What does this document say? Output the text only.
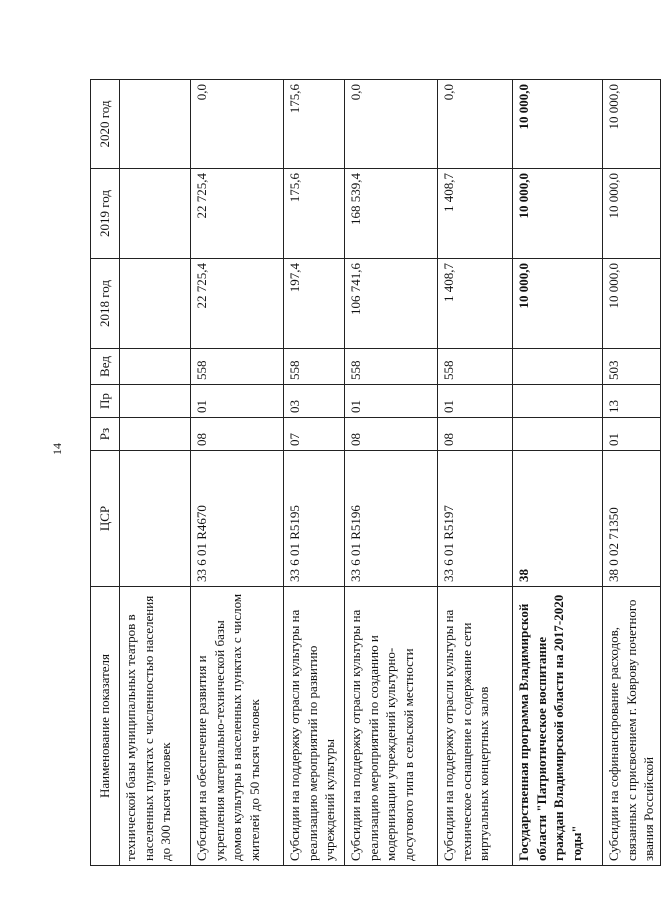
14
Наименование показателя	ЦСР	Рз	Пр	Вед	2018 год	2019 год	2020 год
технической базы муниципальных театров в населенных пунктах с численностью населения до 300 тысяч человек							
Субсидии на обеспечение развития и укрепления материально-технической базы домов культуры в населенных пунктах с числом жителей до 50 тысяч человек	33 6 01 R4670	08	01	558	22 725,4	22 725,4	0,0
Субсидии на поддержку отрасли культуры на реализацию мероприятий по развитию учреждений культуры	33 6 01 R5195	07	03	558	197,4	175,6	175,6
Субсидии на поддержку отрасли культуры на реализацию мероприятий по созданию и модернизации учреждений культурно-досугового типа в сельской местности	33 6 01 R5196	08	01	558	106 741,6	168 539,4	0,0
Субсидии на поддержку отрасли культуры на техническое оснащение и содержание сети виртуальных концертных залов	33 6 01 R5197	08	01	558	1 408,7	1 408,7	0,0
Государственная программа Владимирской области "Патриотическое воспитание граждан Владимирской области на 2017-2020 годы"	38				10 000,0	10 000,0	10 000,0
Субсидии на софинансирование расходов, связанных с присвоением г. Коврову почетного звания Российской	38 0 02 71350	01	13	503	10 000,0	10 000,0	10 000,0
